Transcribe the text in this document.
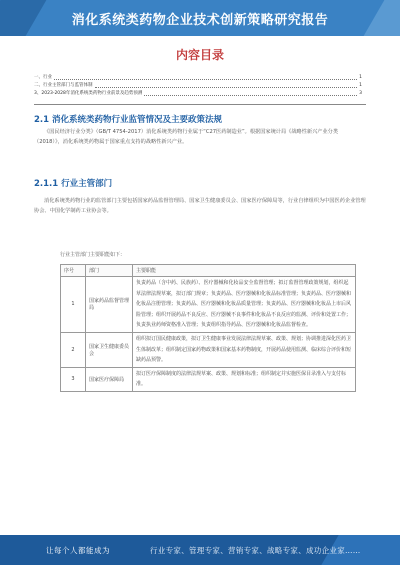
消化系统类药物企业技术创新策略研究报告
内容目录
一、行业	1
二、行业主管部门与监管体制	1
3、2023-2028年消化系统类药物行业前景及趋势预测	3
2.1 消化系统类药物行业监管情况及主要政策法规
《国民经济行业分类》（GB/T 4754-2017）消化系统类药物行业属于“C27医药制造业”。根据国家统计局《战略性新兴产业分类（2018）》，消化系统类药物属于国家重点支持的战略性新兴产业。
2.1.1 行业主管部门
消化系统类药物行业的监管部门主要包括国家药品监督管理局、国家卫生健康委员会、国家医疗保障局等，行业自律组织为中国医药企业管理协会、中国化学制药工业协会等。
行业主管部门主要职能如下：
序号	部门	主要职能
1	国家药品监督管理局	负责药品（含中药、民族药）、医疗器械和化妆品安全监督管理；拟订监督管理政策规划，组织起草法律法规草案，拟订部门规章；负责药品、医疗器械和化妆品标准管理；负责药品、医疗器械和化妆品注册管理；负责药品、医疗器械和化妆品质量管理；负责药品、医疗器械和化妆品上市后风险管理；组织开展药品不良反应、医疗器械不良事件和化妆品不良反应的监测、评价和处置工作；负责执业药师资格准入管理；负责组织指导药品、医疗器械和化妆品监督检查。
2	国家卫生健康委员会	组织拟订国民健康政策，拟订卫生健康事业发展法律法规草案、政策、规划；协调推进深化医药卫生体制改革；组织制定国家药物政策和国家基本药物制度，开展药品使用监测、临床综合评价和短缺药品预警。
3	国家医疗保障局	拟订医疗保障制度的法律法规草案、政策、规划和标准；组织制定并实施医保目录准入与支付标准。
让每个人都能成为	行业专家、管理专家、营销专家、战略专家、成功企业家……
